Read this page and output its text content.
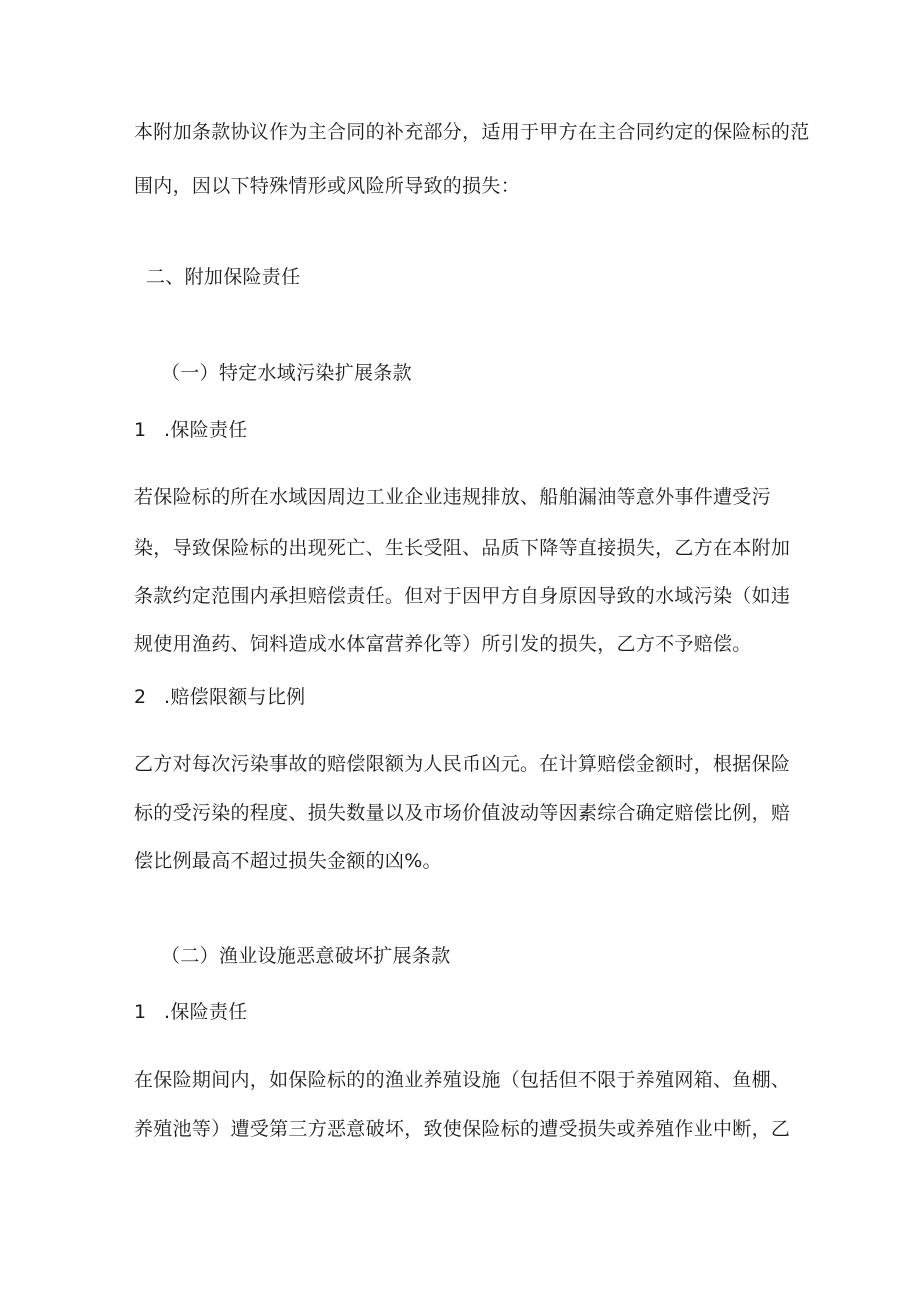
本附加条款协议作为主合同的补充部分，适用于甲方在主合同约定的保险标的范
围内，因以下特殊情形或风险所导致的损失：
二、附加保险责任
（一）特定水域污染扩展条款
1 .保险责任
若保险标的所在水域因周边工业企业违规排放、船舶漏油等意外事件遭受污
染，导致保险标的出现死亡、生长受阻、品质下降等直接损失，乙方在本附加
条款约定范围内承担赔偿责任。但对于因甲方自身原因导致的水域污染（如违
规使用渔药、饲料造成水体富营养化等）所引发的损失，乙方不予赔偿。
2 .赔偿限额与比例
乙方对每次污染事故的赔偿限额为人民币凶元。在计算赔偿金额时，根据保险
标的受污染的程度、损失数量以及市场价值波动等因素综合确定赔偿比例，赔
偿比例最高不超过损失金额的凶%。
（二）渔业设施恶意破坏扩展条款
1 .保险责任
在保险期间内，如保险标的的渔业养殖设施（包括但不限于养殖网箱、鱼棚、
养殖池等）遭受第三方恶意破坏，致使保险标的遭受损失或养殖作业中断，乙
